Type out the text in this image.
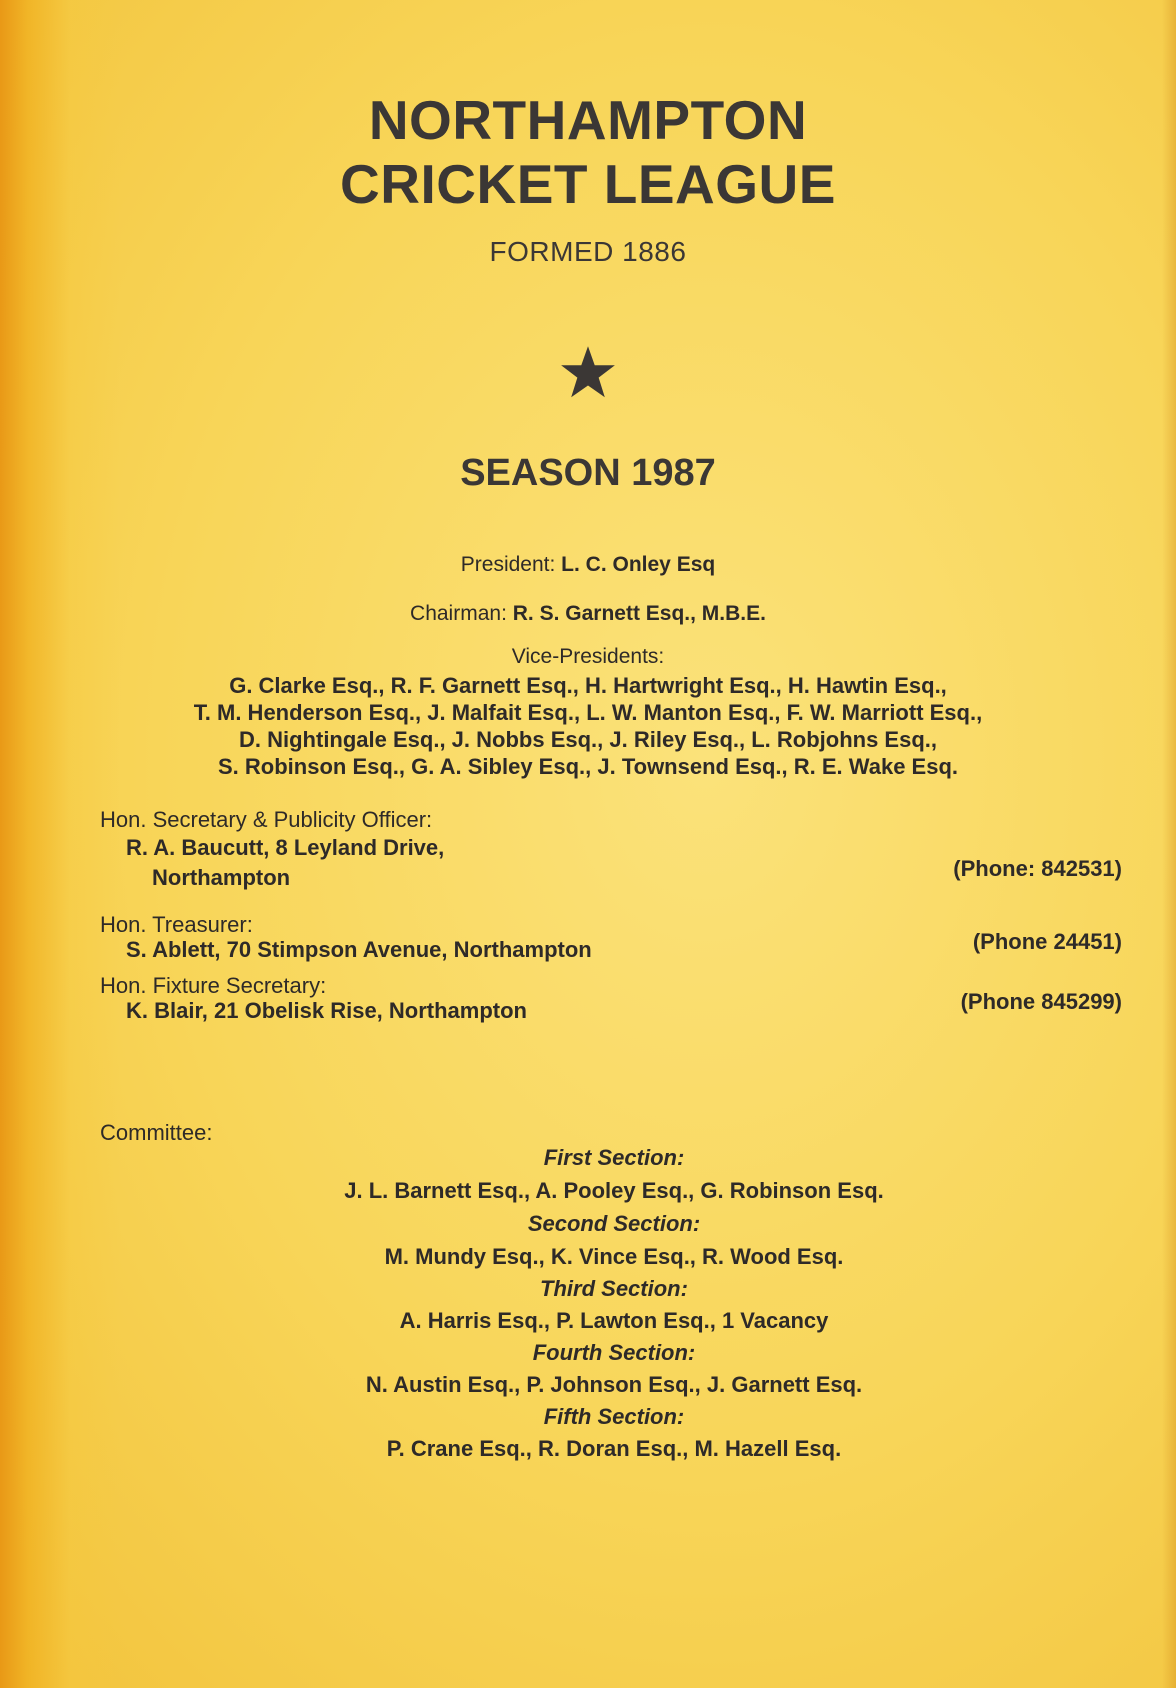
NORTHAMPTON
CRICKET LEAGUE
FORMED 1886
SEASON 1987
President: L. C. Onley Esq
Chairman: R. S. Garnett Esq., M.B.E.
Vice-Presidents:
G. Clarke Esq., R. F. Garnett Esq., H. Hartwright Esq., H. Hawtin Esq.,
T. M. Henderson Esq., J. Malfait Esq., L. W. Manton Esq., F. W. Marriott Esq.,
D. Nightingale Esq., J. Nobbs Esq., J. Riley Esq., L. Robjohns Esq.,
S. Robinson Esq., G. A. Sibley Esq., J. Townsend Esq., R. E. Wake Esq.
Hon. Secretary & Publicity Officer:
R. A. Baucutt, 8 Leyland Drive,
Northampton	(Phone: 842531)
Hon. Treasurer:
S. Ablett, 70 Stimpson Avenue, Northampton	(Phone 24451)
Hon. Fixture Secretary:
K. Blair, 21 Obelisk Rise, Northampton	(Phone 845299)
Committee:
First Section:
J. L. Barnett Esq., A. Pooley Esq., G. Robinson Esq.
Second Section:
M. Mundy Esq., K. Vince Esq., R. Wood Esq.
Third Section:
A. Harris Esq., P. Lawton Esq., 1 Vacancy
Fourth Section:
N. Austin Esq., P. Johnson Esq., J. Garnett Esq.
Fifth Section:
P. Crane Esq., R. Doran Esq., M. Hazell Esq.
